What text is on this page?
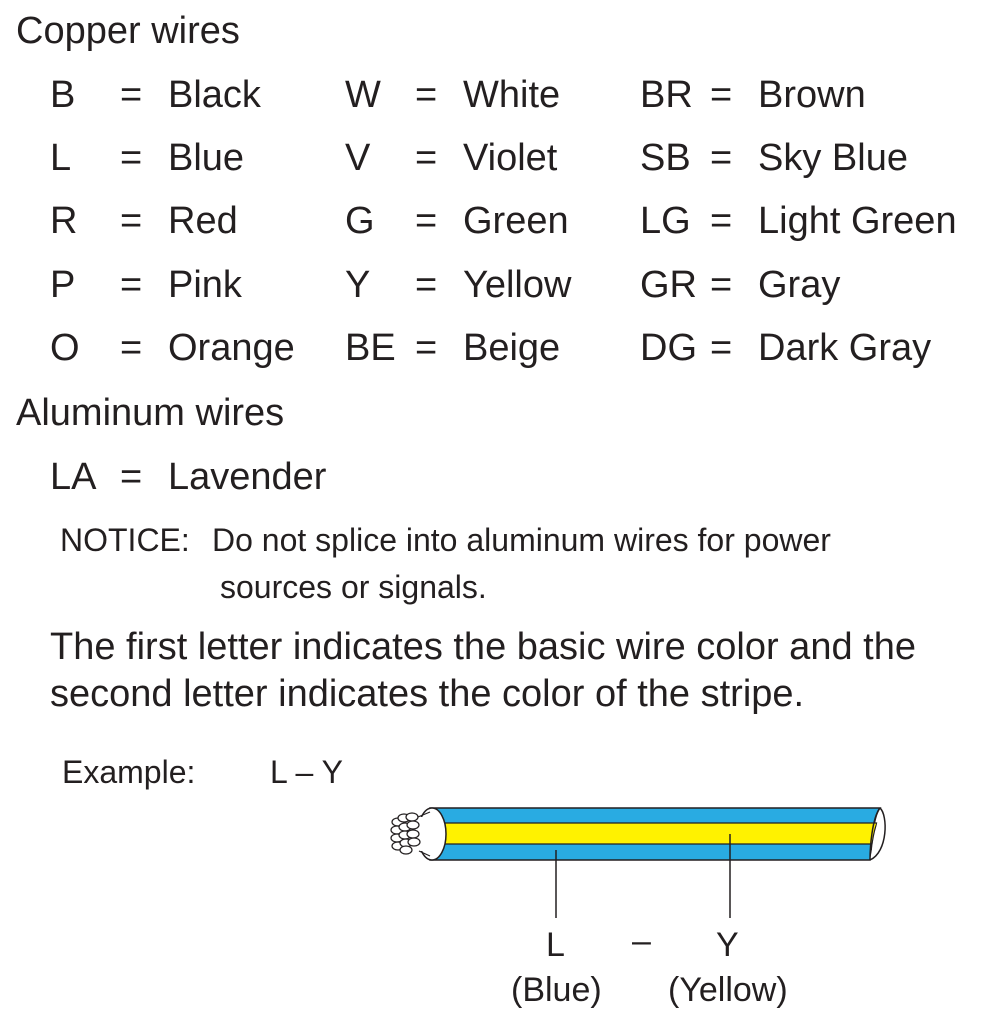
Copper wires
B = Black W = White BR = Brown
L = Blue	V = Violet SB = Sky Blue
R = Red	G = Green LG = Light Green
P = Pink	Y = Yellow GR = Gray
O = Orange BE = Beige DG = Dark Gray
Aluminum wires
LA = Lavender
NOTICE: Do not splice into aluminum wires for power
sources or signals.
The first letter indicates the basic wire color and the
second letter indicates the color of the stripe.
Example: L – Y
L – Y
(Blue) (Yellow)
